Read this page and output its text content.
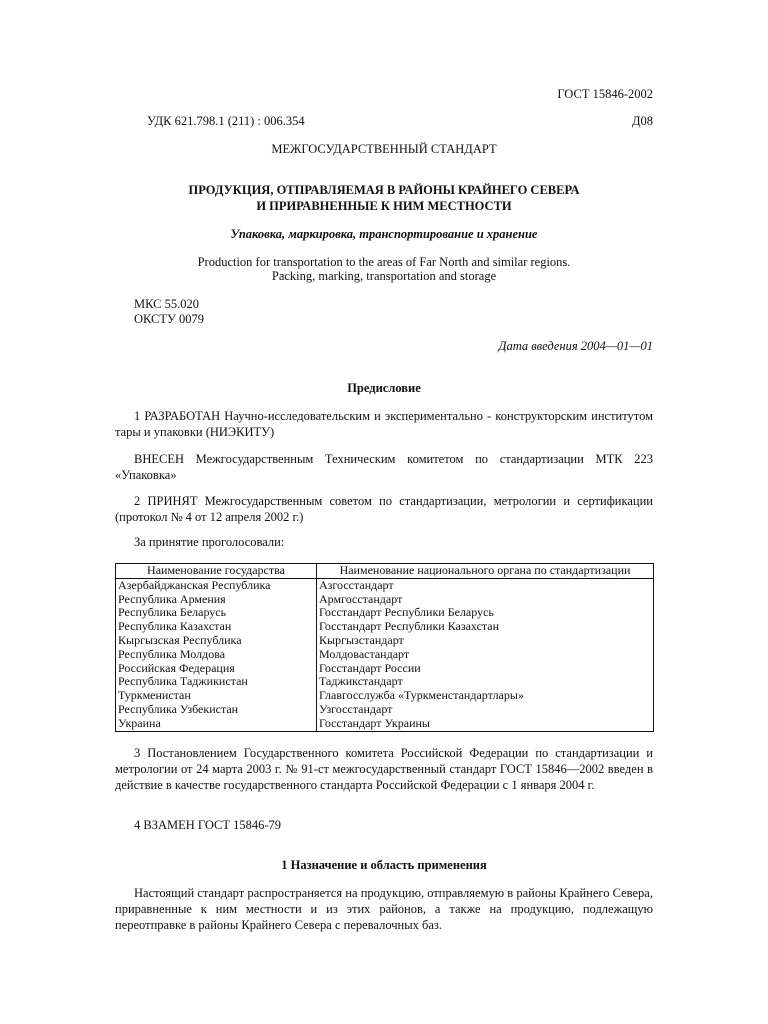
ГОСТ 15846-2002
УДК 621.798.1 (211) : 006.354	Д08
МЕЖГОСУДАРСТВЕННЫЙ СТАНДАРТ
ПРОДУКЦИЯ, ОТПРАВЛЯЕМАЯ В РАЙОНЫ КРАЙНЕГО СЕВЕРА
И ПРИРАВНЕННЫЕ К НИМ МЕСТНОСТИ
Упаковка, маркировка, транспортирование и хранение
Production for transportation to the areas of Far North and similar regions.
Packing, marking, transportation and storage
МКС 55.020
ОКСТУ 0079
Дата введения 2004—01—01
Предисловие
1 РАЗРАБОТАН Научно-исследовательским и экспериментально - конструкторским институтом тары и упаковки (НИЭКИТУ)
ВНЕСЕН Межгосударственным Техническим комитетом по стандартизации МТК 223 «Упаковка»
2 ПРИНЯТ Межгосударственным советом по стандартизации, метрологии и сертификации (протокол № 4 от 12 апреля 2002 г.)
За принятие проголосовали:
Наименование государства	Наименование национального органа по стандартизации
Азербайджанская Республика	Азгосстандарт
Республика Армения	Армгосстандарт
Республика Беларусь	Госстандарт Республики Беларусь
Республика Казахстан	Госстандарт Республики Казахстан
Кыргызская Республика	Кыргызстандарт
Республика Молдова	Молдовастандарт
Российская Федерация	Госстандарт России
Республика Таджикистан	Таджикстандарт
Туркменистан	Главгосслужба «Туркменстандартлары»
Республика Узбекистан	Узгосстандарт
Украина	Госстандарт Украины
3 Постановлением Государственного комитета Российской Федерации по стандартизации и метрологии от 24 марта 2003 г. № 91-ст межгосударственный стандарт ГОСТ 15846—2002 введен в действие в качестве государственного стандарта Российской Федерации с 1 января 2004 г.
4 ВЗАМЕН ГОСТ 15846-79
1 Назначение и область применения
Настоящий стандарт распространяется на продукцию, отправляемую в районы Крайнего Севера, приравненные к ним местности и из этих районов, а также на продукцию, подлежащую переотправке в районы Крайнего Севера с перевалочных баз.
